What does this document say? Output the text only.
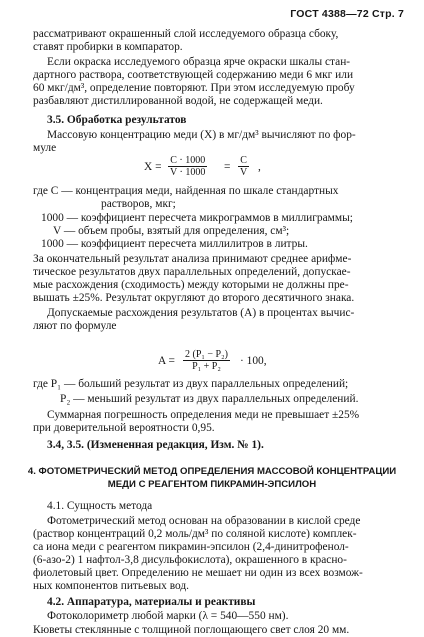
ГОСТ 4388—72 Стр. 7
рассматривают окрашенный слой исследуемого образца сбоку,
ставят пробирки в компаратор.
Если окраска исследуемого образца ярче окраски шкалы стан-
дартного раствора, соответствующей содержанию меди 6 мкг или
60 мкг/дм³, определение повторяют. При этом исследуемую пробу
разбавляют дистиллированной водой, не содержащей меди.
3.5. Обработка результатов
Массовую концентрацию меди (X) в мг/дм³ вычисляют по фор-
муле
$X = \frac{C \cdot 1000}{V \cdot 1000} = \frac{C}{V}$ ,
где C — концентрация меди, найденная по шкале стандартных
растворов, мкг;
1000 — коэффициент пересчета микрограммов в миллиграммы;
V — объем пробы, взятый для определения, см³;
1000 — коэффициент пересчета миллилитров в литры.
За окончательный результат анализа принимают среднее арифме-
тическое результатов двух параллельных определений, допускае-
мые расхождения (сходимость) между которыми не должны пре-
вышать ±25%. Результат округляют до второго десятичного знака.
Допускаемые расхождения результатов (A) в процентах вычис-
ляют по формуле
$A = \frac{\text{2 (P₁ − P₂)}}{\text{P₁ + P₂}} \cdot 100$,
где P₁ — больший результат из двух параллельных определений;
P₂ — меньший результат из двух параллельных определений.
Суммарная погрешность определения меди не превышает ±25%
при доверительной вероятности 0,95.
3.4, 3.5. (Измененная редакция, Изм. № 1).
4. ФОТОМЕТРИЧЕСКИЙ МЕТОД ОПРЕДЕЛЕНИЯ МАССОВОЙ КОНЦЕНТРАЦИИ
МЕДИ С РЕАГЕНТОМ ПИКРАМИН-ЭПСИЛОН
4.1. Сущность метода
Фотометрический метод основан на образовании в кислой среде
(раствор концентраций 0,2 моль/дм³ по соляной кислоте) комплек-
са иона меди с реагентом пикрамин-эпсилон (2,4-динитрофенол-
(6-азо-2) 1 нафтол-3,8 дисульфокислота), окрашенного в красно-
фиолетовый цвет. Определению не мешает ни один из всех возмож-
ных компонентов питьевых вод.
4.2. Аппаратура, материалы и реактивы
Фотоколориметр любой марки (λ = 540—550 нм).
Кюветы стеклянные с толщиной поглощающего свет слоя 20 мм.
